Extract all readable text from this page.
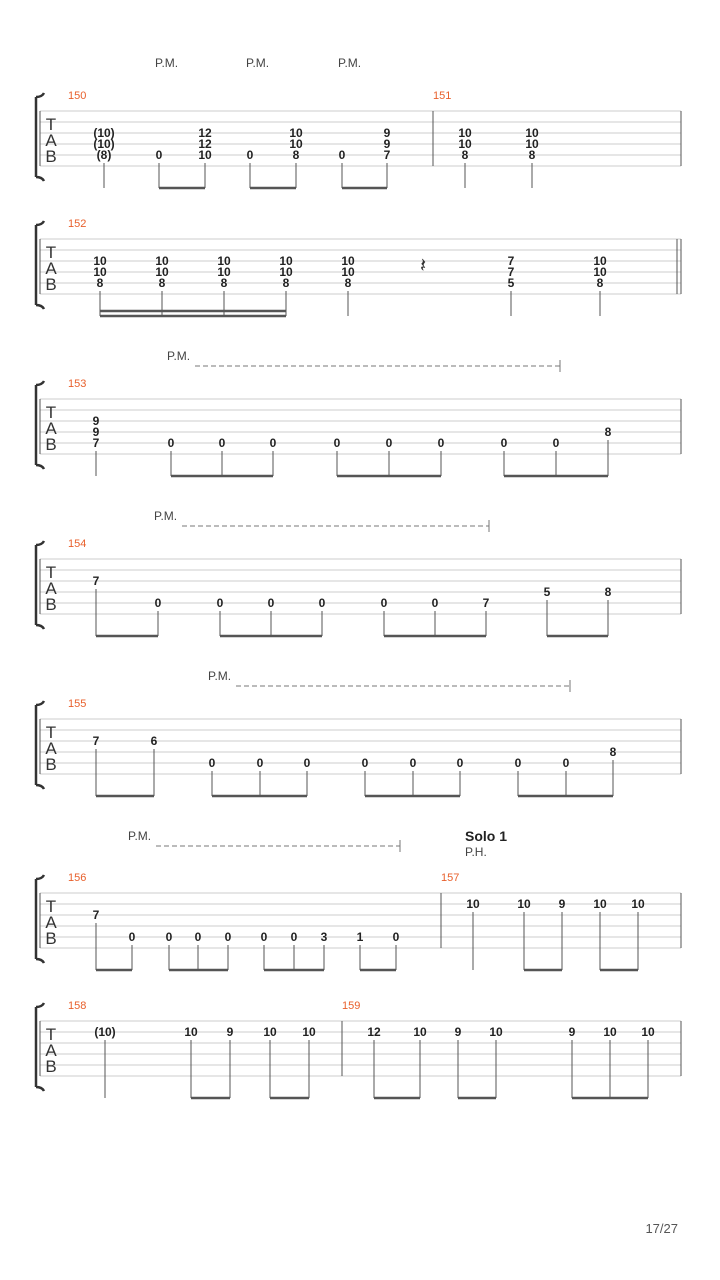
T
A
B
150	151
(10)
(10)
(8)	0
12
12
10	0
10
10
8	0
9
9
7
10
10
8
10
10
8
𝄽
T
A
B
152
10
10
8
10
10
8
10
10
8
10
10
8
10
10
8
7
7
5
10
10
8
T
A
B
153
9
9
7	0	0	0	0	0	0	0	0
8
T
A
B
154
7
0	0	0	0	0	0	7
5	8
T
A
B
155
7	6
0	0	0	0	0	0	0	0
8
T
A
B
156	157
7
0	0 0 0 0 0 3 1 0
10	10 9 10 10
T
A
B
158	159
(10)	10 9 10 10	12	10 9 10	9 10 10
P.M.	P.M.	P.M.
P.M.
P.M.
P.M.
P.M.	Solo 1
P.H.
17/27
